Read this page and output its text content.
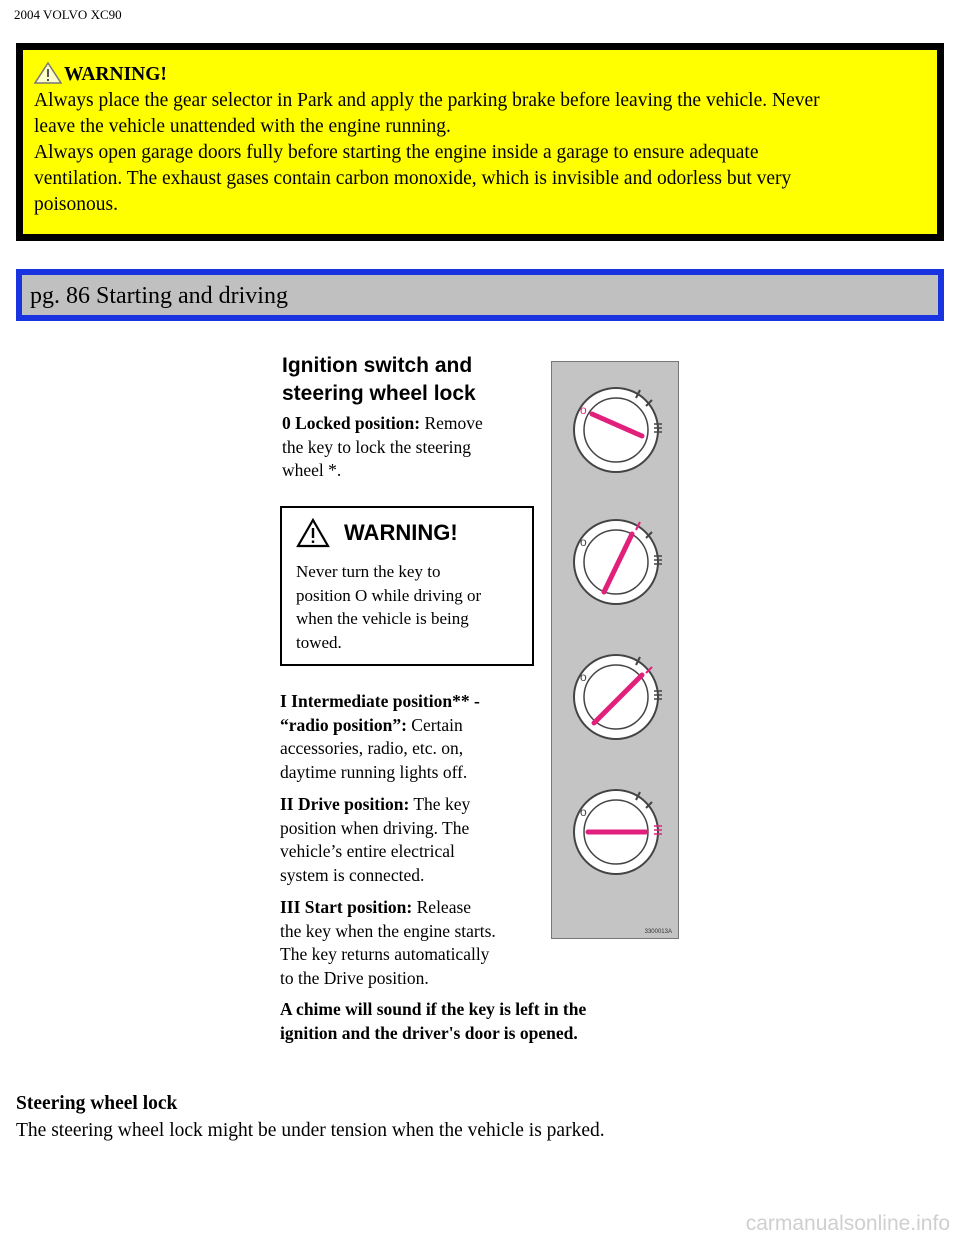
2004 VOLVO XC90
WARNING!
Always place the gear selector in Park and apply the parking brake before leaving the vehicle. Never
leave the vehicle unattended with the engine running.
Always open garage doors fully before starting the engine inside a garage to ensure adequate
ventilation. The exhaust gases contain carbon monoxide, which is invisible and odorless but very
poisonous.
pg. 86 Starting and driving
Ignition switch and
steering wheel lock
0 Locked position: Remove
the key to lock the steering
wheel *.
WARNING!
Never turn the key to
position O while driving or
when the vehicle is being
towed.
I Intermediate position** -
“radio position”: Certain
accessories, radio, etc. on,
daytime running lights off.
II Drive position: The key
position when driving. The
vehicle’s entire electrical
system is connected.
III Start position: Release
the key when the engine starts.
The key returns automatically
to the Drive position.
A chime will sound if the key is left in the
ignition and the driver's door is opened.
o
o
o
o
3300013A
Steering wheel lock
The steering wheel lock might be under tension when the vehicle is parked.
carmanualsonline.info
